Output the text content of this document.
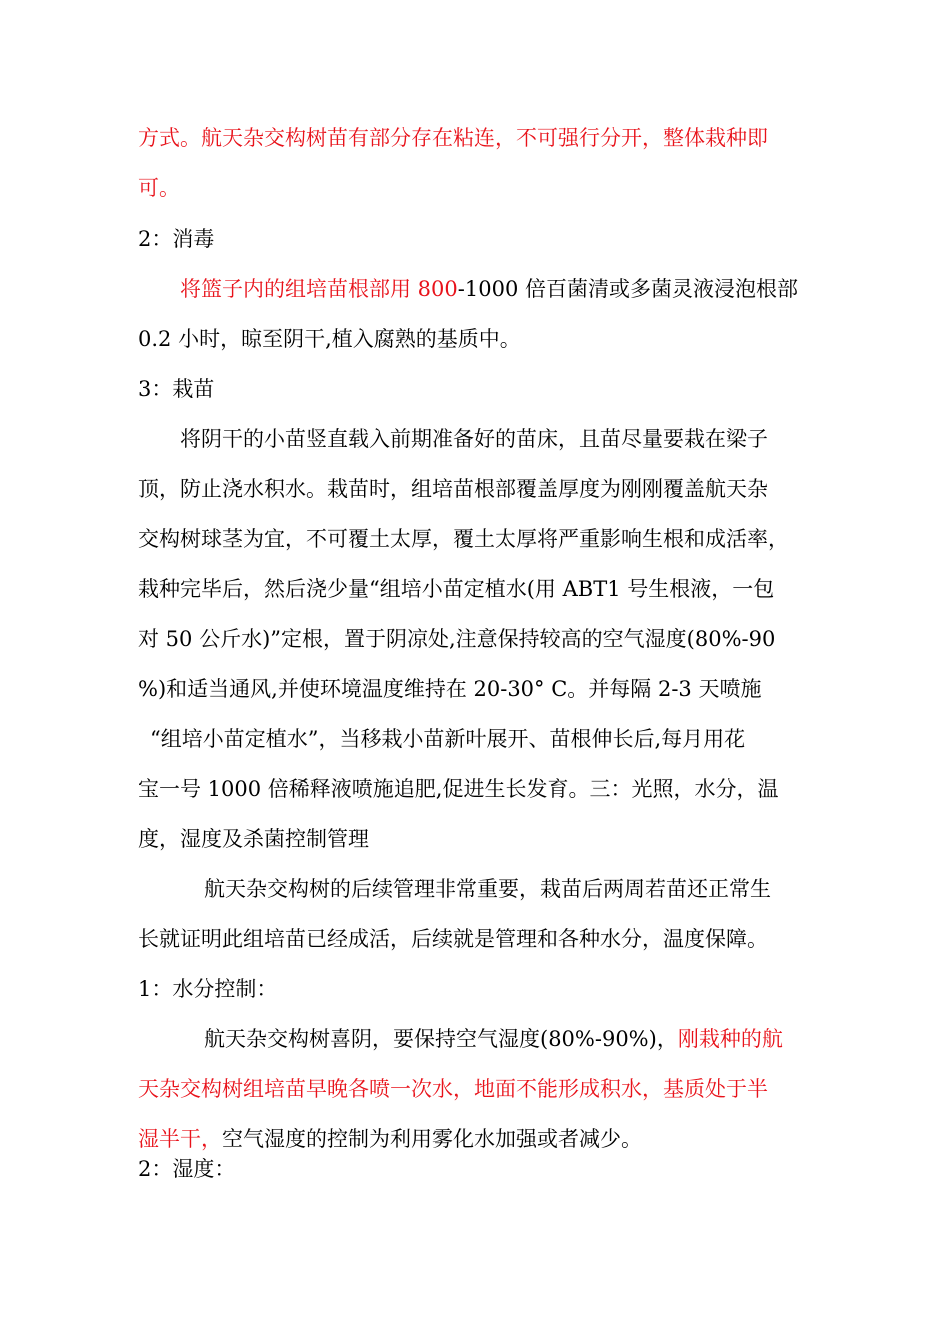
方式。航天杂交构树苗有部分存在粘连，不可强行分开，整体栽种即
可。
2：消毒
将篮子内的组培苗根部用 800-1000 倍百菌清或多菌灵液浸泡根部
0.2 小时，晾至阴干,植入腐熟的基质中。
3：栽苗
将阴干的小苗竖直载入前期准备好的苗床，且苗尽量要栽在梁子
顶，防止浇水积水。栽苗时，组培苗根部覆盖厚度为刚刚覆盖航天杂
交构树球茎为宜，不可覆土太厚，覆土太厚将严重影响生根和成活率，
栽种完毕后，然后浇少量“组培小苗定植水(用 ABT1 号生根液，一包
对 50 公斤水)”定根，置于阴凉处,注意保持较高的空气湿度(80%-90
%)和适当通风,并使环境温度维持在 20-30° C。并每隔 2-3 天喷施
“组培小苗定植水”，当移栽小苗新叶展开、苗根伸长后,每月用花
宝一号 1000 倍稀释液喷施追肥,促进生长发育。三：光照，水分，温
度，湿度及杀菌控制管理
航天杂交构树的后续管理非常重要，栽苗后两周若苗还正常生
长就证明此组培苗已经成活，后续就是管理和各种水分，温度保障。
1：水分控制：
航天杂交构树喜阴，要保持空气湿度(80%-90%)，刚栽种的航
天杂交构树组培苗早晚各喷一次水，地面不能形成积水，基质处于半
湿半干，空气湿度的控制为利用雾化水加强或者减少。
2：湿度：
